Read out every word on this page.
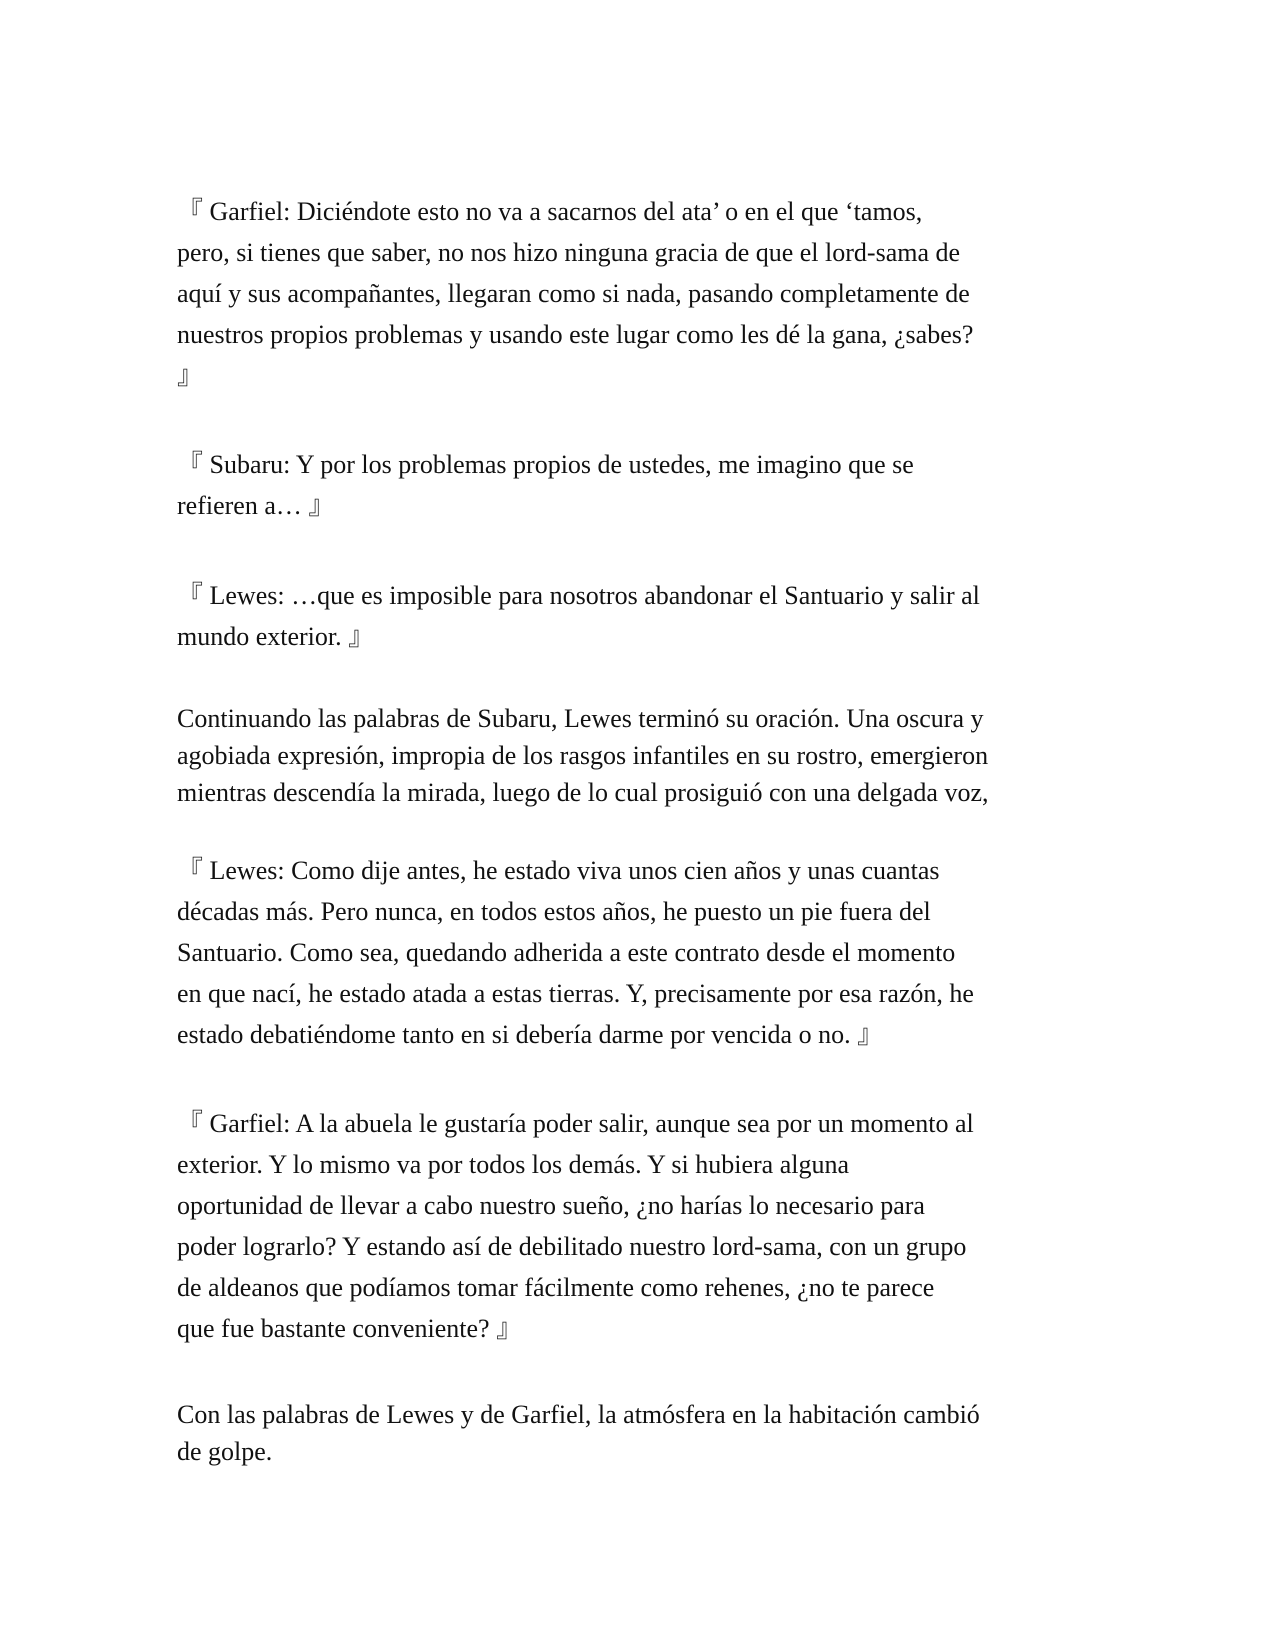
『 Garfiel: Diciéndote esto no va a sacarnos del ata’ o en el que ‘tamos,
pero, si tienes que saber, no nos hizo ninguna gracia de que el lord-sama de
aquí y sus acompañantes, llegaran como si nada, pasando completamente de
nuestros propios problemas y usando este lugar como les dé la gana, ¿sabes?
』

『 Subaru: Y por los problemas propios de ustedes, me imagino que se
refieren a… 』

『 Lewes: …que es imposible para nosotros abandonar el Santuario y salir al
mundo exterior. 』

Continuando las palabras de Subaru, Lewes terminó su oración. Una oscura y
agobiada expresión, impropia de los rasgos infantiles en su rostro, emergieron
mientras descendía la mirada, luego de lo cual prosiguió con una delgada voz,

『 Lewes: Como dije antes, he estado viva unos cien años y unas cuantas
décadas más. Pero nunca, en todos estos años, he puesto un pie fuera del
Santuario. Como sea, quedando adherida a este contrato desde el momento
en que nací, he estado atada a estas tierras. Y, precisamente por esa razón, he
estado debatiéndome tanto en si debería darme por vencida o no. 』

『 Garfiel: A la abuela le gustaría poder salir, aunque sea por un momento al
exterior. Y lo mismo va por todos los demás. Y si hubiera alguna
oportunidad de llevar a cabo nuestro sueño, ¿no harías lo necesario para
poder lograrlo? Y estando así de debilitado nuestro lord-sama, con un grupo
de aldeanos que podíamos tomar fácilmente como rehenes, ¿no te parece
que fue bastante conveniente? 』

Con las palabras de Lewes y de Garfiel, la atmósfera en la habitación cambió
de golpe.
